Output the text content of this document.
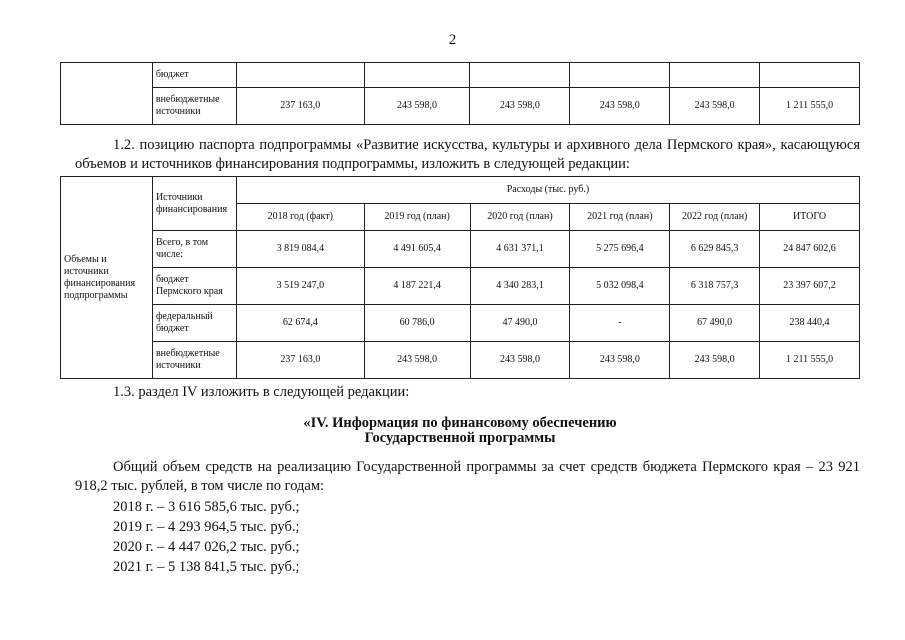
2
	бюджет						
	внебюджетные источники	237 163,0	243 598,0	243 598,0	243 598,0	243 598,0	1 211 555,0
1.2. позицию паспорта подпрограммы «Развитие искусства, культуры и архивного дела Пермского края», касающуюся объемов и источников финансирования подпрограммы, изложить в следующей редакции:
Объемы и источники финансирования подпрограммы	Источники финансирования	Расходы (тыс. руб.)					
		2018 год (факт)	2019 год (план)	2020 год (план)	2021 год (план)	2022 год (план)	ИТОГО
	Всего, в том числе:	3 819 084,4	4 491 605,4	4 631 371,1	5 275 696,4	6 629 845,3	24 847 602,6
	бюджет Пермского края	3 519 247,0	4 187 221,4	4 340 283,1	5 032 098,4	6 318 757,3	23 397 607,2
	федеральный бюджет	62 674,4	60 786,0	47 490,0	-	67 490,0	238 440,4
	внебюджетные источники	237 163,0	243 598,0	243 598,0	243 598,0	243 598,0	1 211 555,0
1.3. раздел IV изложить в следующей редакции:
«IV. Информация по финансовому обеспечению
Государственной программы
Общий объем средств на реализацию Государственной программы за счет средств бюджета Пермского края – 23 921 918,2 тыс. рублей, в том числе по годам:
2018 г. – 3 616 585,6 тыс. руб.;
2019 г. – 4 293 964,5 тыс. руб.;
2020 г. – 4 447 026,2 тыс. руб.;
2021 г. – 5 138 841,5 тыс. руб.;
